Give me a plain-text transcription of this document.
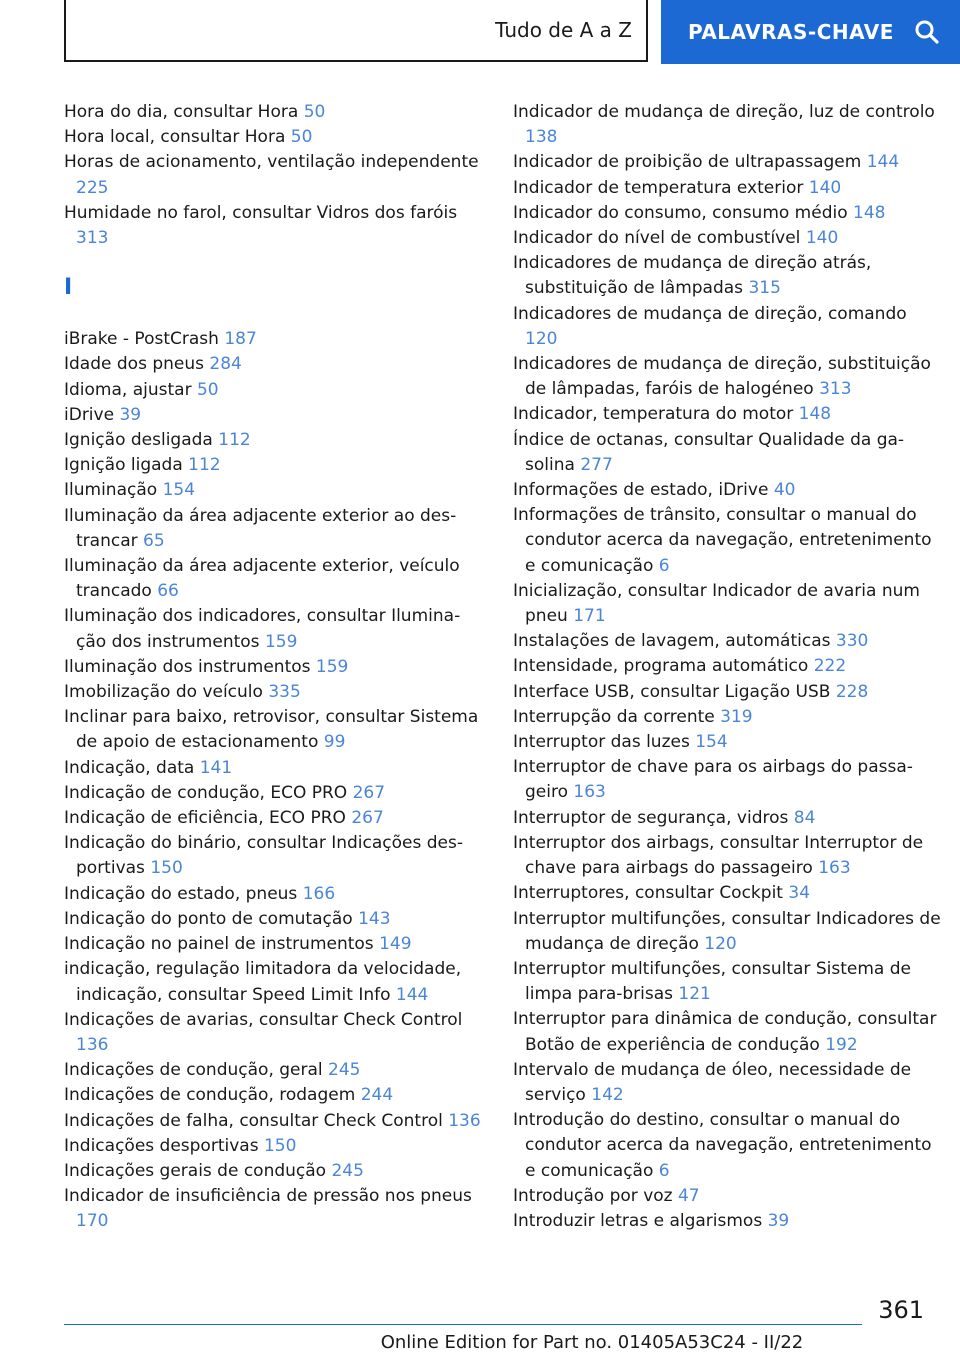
Tudo de A a Z	PALAVRAS-CHAVE

Hora do dia, consultar Hora 50

Hora local, consultar Hora 50

Horas de acionamento, ventilação independente 225

Humidade no farol, consultar Vidros dos faróis 313

I

iBrake - PostCrash 187

Idade dos pneus 284

Idioma, ajustar 50

iDrive 39

Ignição desligada 112

Ignição ligada 112

Iluminação 154

Iluminação da área adjacente exterior ao destrancar 65

Iluminação da área adjacente exterior, veículo trancado 66

Iluminação dos indicadores, consultar Iluminação dos instrumentos 159

Iluminação dos instrumentos 159

Imobilização do veículo 335

Inclinar para baixo, retrovisor, consultar Sistema de apoio de estacionamento 99

Indicação, data 141

Indicação de condução, ECO PRO 267

Indicação de eficiência, ECO PRO 267

Indicação do binário, consultar Indicações desportivas 150

Indicação do estado, pneus 166

Indicação do ponto de comutação 143

Indicação no painel de instrumentos 149

indicação, regulação limitadora da velocidade, indicação, consultar Speed Limit Info 144

Indicações de avarias, consultar Check Control 136

Indicações de condução, geral 245

Indicações de condução, rodagem 244

Indicações de falha, consultar Check Control 136

Indicações desportivas 150

Indicações gerais de condução 245

Indicador de insuficiência de pressão nos pneus 170

Indicador de mudança de direção, luz de controlo 138

Indicador de proibição de ultrapassagem 144

Indicador de temperatura exterior 140

Indicador do consumo, consumo médio 148

Indicador do nível de combustível 140

Indicadores de mudança de direção atrás, substituição de lâmpadas 315

Indicadores de mudança de direção, comando 120

Indicadores de mudança de direção, substituição de lâmpadas, faróis de halogéneo 313

Indicador, temperatura do motor 148

Índice de octanas, consultar Qualidade da gasolina 277

Informações de estado, iDrive 40

Informações de trânsito, consultar o manual do condutor acerca da navegação, entretenimento e comunicação 6

Inicialização, consultar Indicador de avaria num pneu 171

Instalações de lavagem, automáticas 330

Intensidade, programa automático 222

Interface USB, consultar Ligação USB 228

Interrupção da corrente 319

Interruptor das luzes 154

Interruptor de chave para os airbags do passageiro 163

Interruptor de segurança, vidros 84

Interruptor dos airbags, consultar Interruptor de chave para airbags do passageiro 163

Interruptores, consultar Cockpit 34

Interruptor multifunções, consultar Indicadores de mudança de direção 120

Interruptor multifunções, consultar Sistema de limpa para-brisas 121

Interruptor para dinâmica de condução, consultar Botão de experiência de condução 192

Intervalo de mudança de óleo, necessidade de serviço 142

Introdução do destino, consultar o manual do condutor acerca da navegação, entretenimento e comunicação 6

Introdução por voz 47

Introduzir letras e algarismos 39

361
Online Edition for Part no. 01405A53C24 - II/22
